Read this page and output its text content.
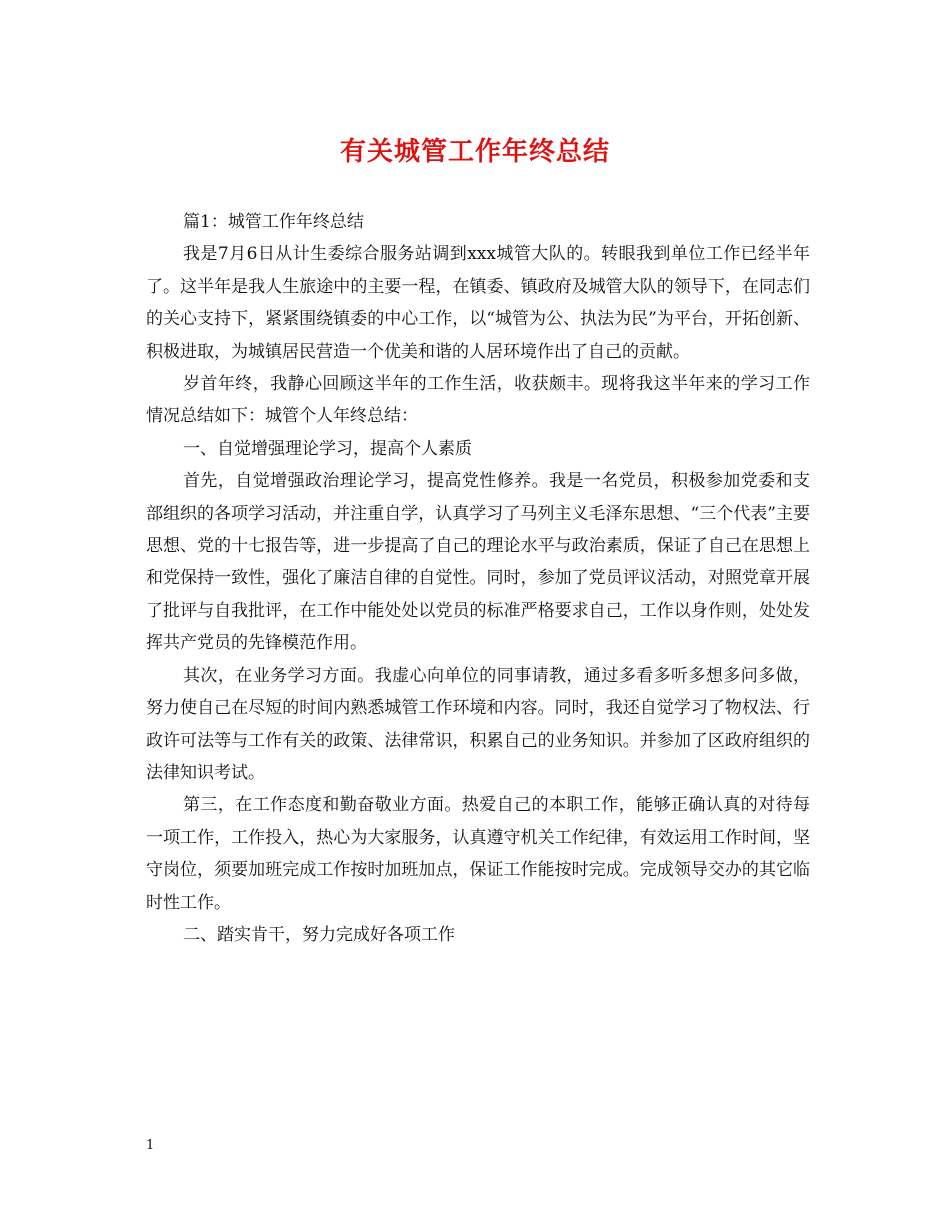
有关城管工作年终总结

篇1：城管工作年终总结

我是7月6日从计生委综合服务站调到xxx城管大队的。转眼我到单位工作已经半年了。这半年是我人生旅途中的主要一程，在镇委、镇政府及城管大队的领导下，在同志们的关心支持下，紧紧围绕镇委的中心工作，以“城管为公、执法为民”为平台，开拓创新、积极进取，为城镇居民营造一个优美和谐的人居环境作出了自己的贡献。

岁首年终，我静心回顾这半年的工作生活，收获颇丰。现将我这半年来的学习工作情况总结如下：城管个人年终总结：

一、自觉增强理论学习，提高个人素质

首先，自觉增强政治理论学习，提高党性修养。我是一名党员，积极参加党委和支部组织的各项学习活动，并注重自学，认真学习了马列主义毛泽东思想、“三个代表”主要思想、党的十七报告等，进一步提高了自己的理论水平与政治素质，保证了自己在思想上和党保持一致性，强化了廉洁自律的自觉性。同时，参加了党员评议活动，对照党章开展了批评与自我批评，在工作中能处处以党员的标准严格要求自己，工作以身作则，处处发挥共产党员的先锋模范作用。

其次，在业务学习方面。我虚心向单位的同事请教，通过多看多听多想多问多做，努力使自己在尽短的时间内熟悉城管工作环境和内容。同时，我还自觉学习了物权法、行政许可法等与工作有关的政策、法律常识，积累自己的业务知识。并参加了区政府组织的法律知识考试。

第三，在工作态度和勤奋敬业方面。热爱自己的本职工作，能够正确认真的对待每一项工作，工作投入，热心为大家服务，认真遵守机关工作纪律，有效运用工作时间，坚守岗位，须要加班完成工作按时加班加点，保证工作能按时完成。完成领导交办的其它临时性工作。

二、踏实肯干，努力完成好各项工作

1
